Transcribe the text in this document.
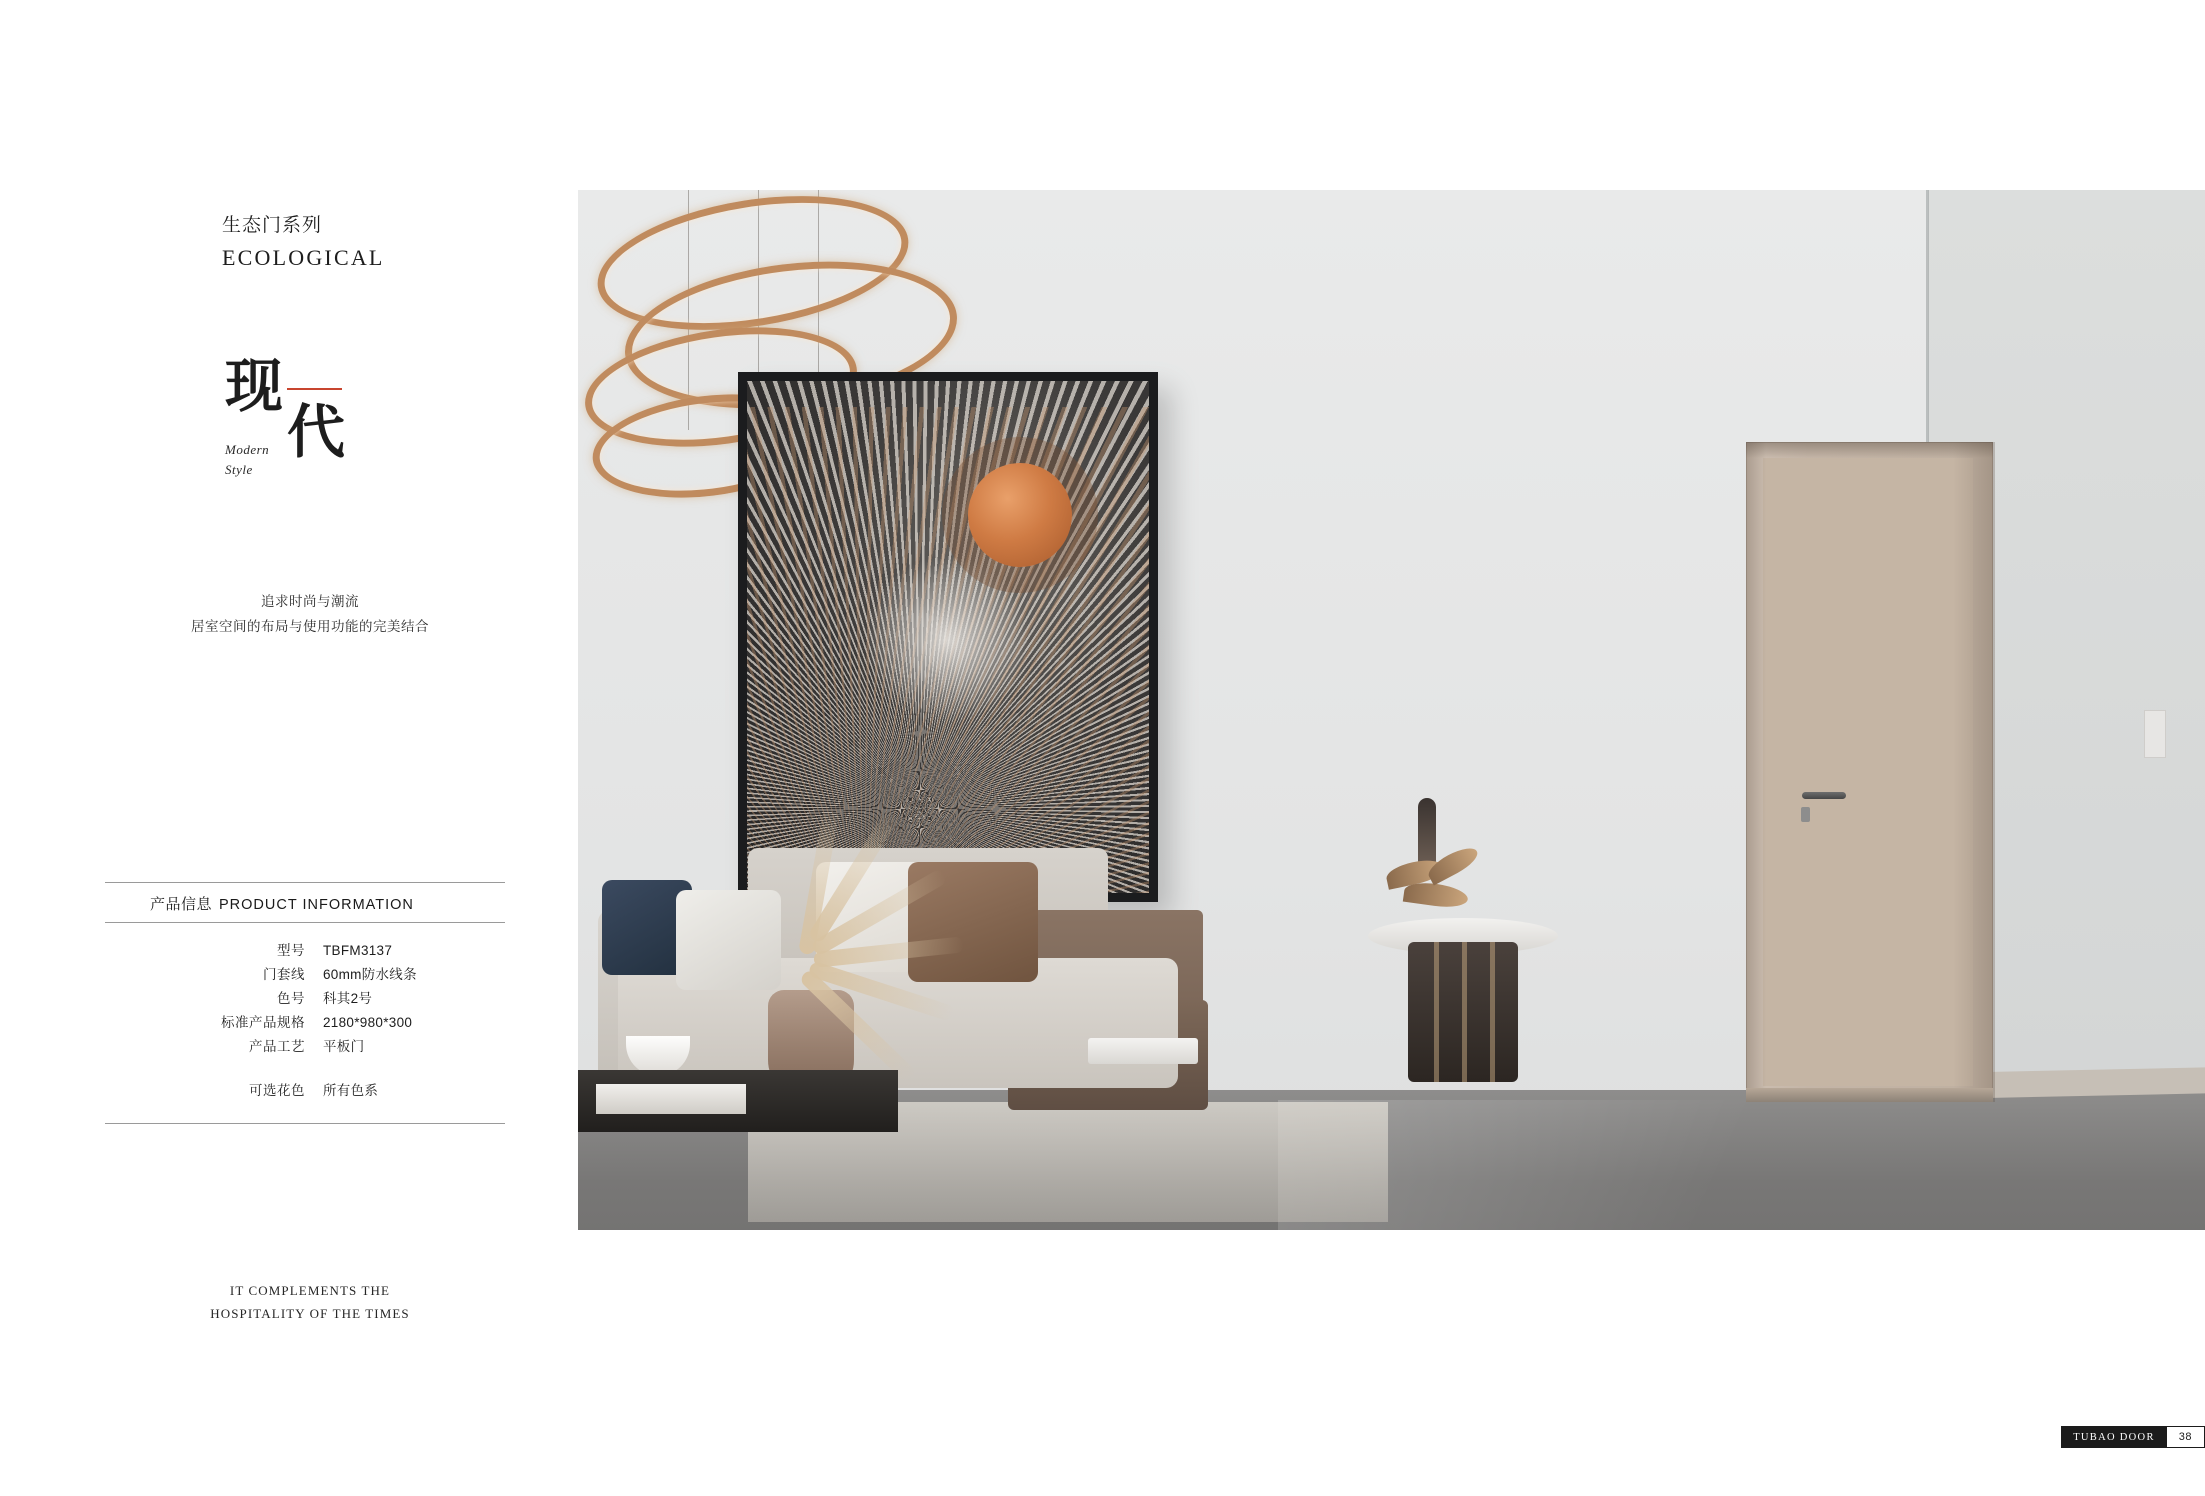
生态门系列
ECOLOGICAL
现
代
Modern
Style
追求时尚与潮流
居室空间的布局与使用功能的完美结合
产品信息 PRODUCT INFORMATION
型号	TBFM3137
门套线	60mm防水线条
色号	科其2号
标准产品规格	2180*980*300
产品工艺	平板门

可选花色	所有色系
IT COMPLEMENTS THE
HOSPITALITY OF THE TIMES
TUBAO DOOR	38
